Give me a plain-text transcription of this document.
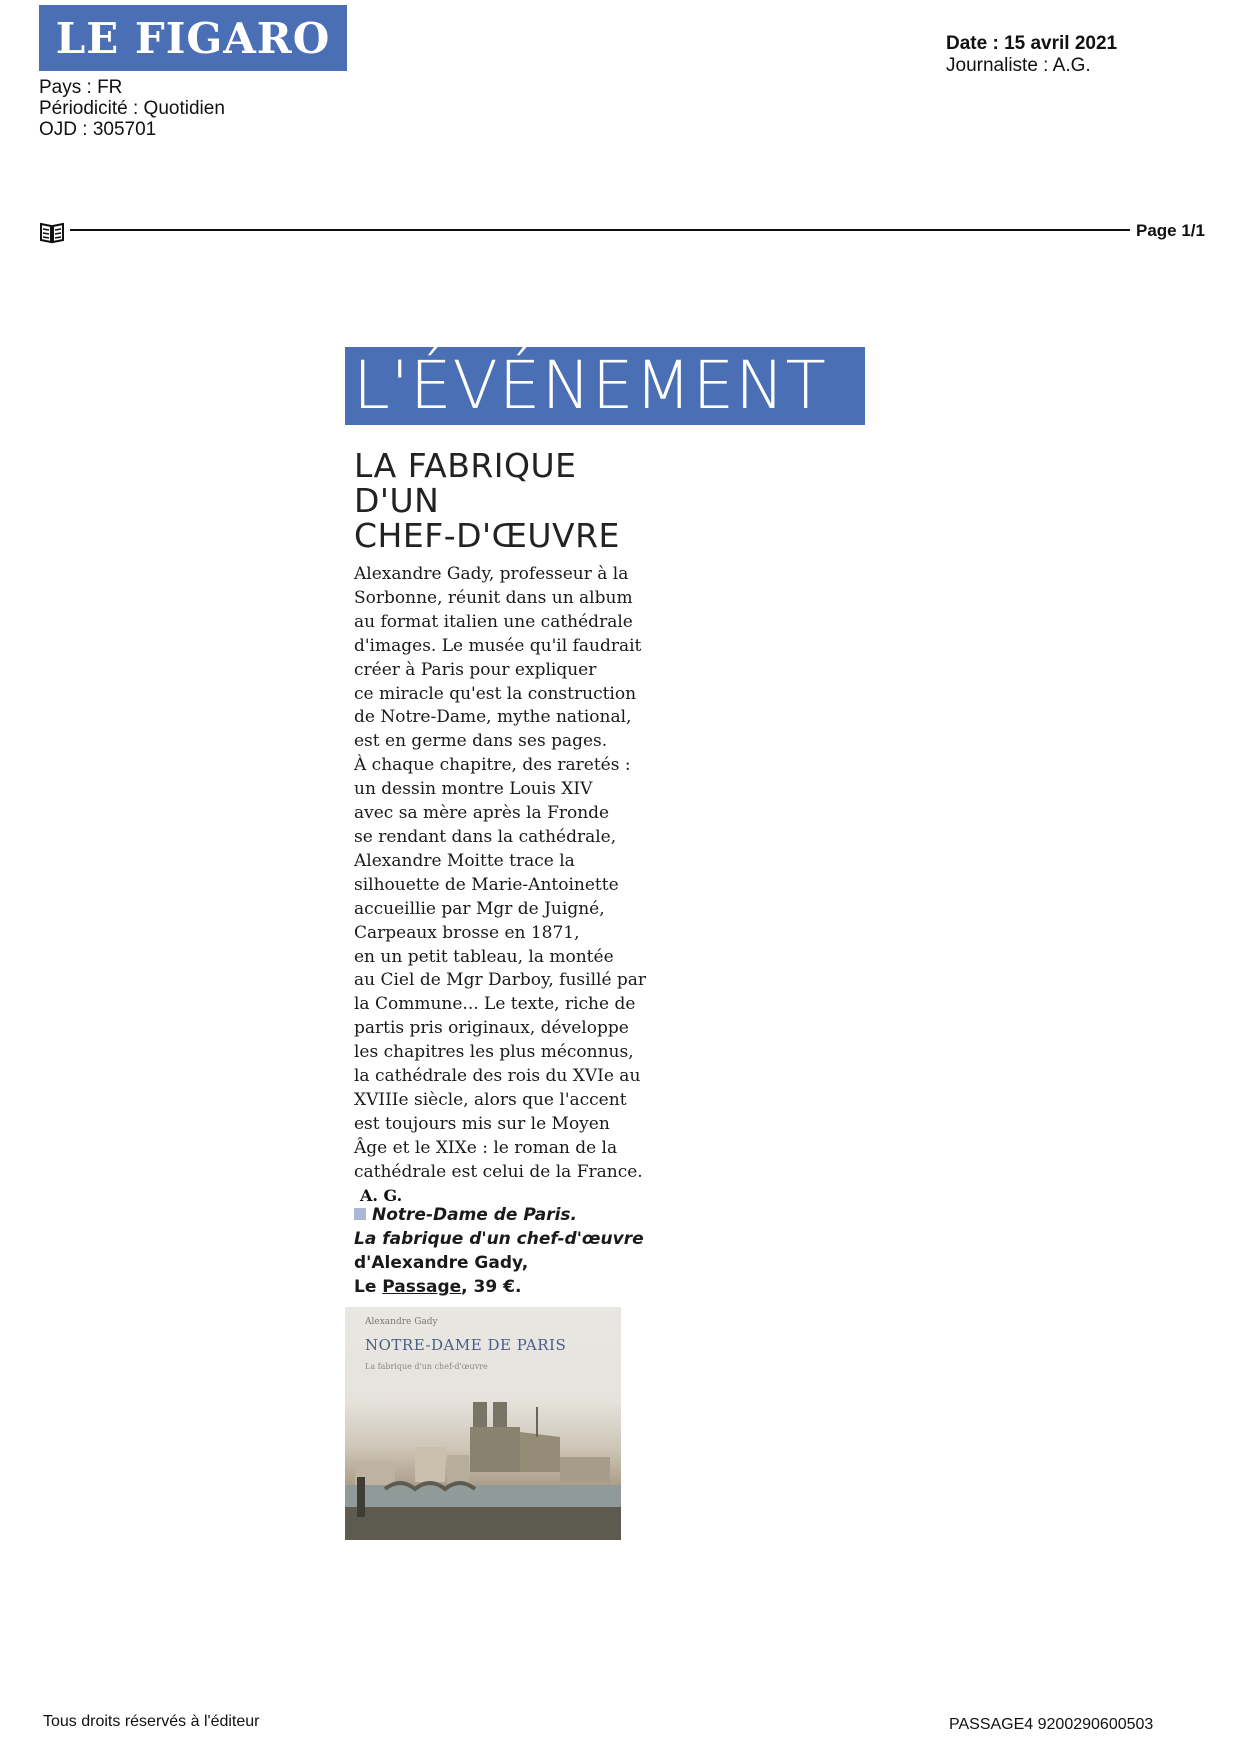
LE FIGARO
Pays : FR
Périodicité : Quotidien
OJD : 305701
Date : 15 avril 2021
Journaliste : A.G.
Page 1/1
L'ÉVÉNEMENT
LA FABRIQUE
D'UN
CHEF-D'ŒUVRE
Alexandre Gady, professeur à la
Sorbonne, réunit dans un album
au format italien une cathédrale
d'images. Le musée qu'il faudrait
créer à Paris pour expliquer
ce miracle qu'est la construction
de Notre-Dame, mythe national,
est en germe dans ses pages.
À chaque chapitre, des raretés :
un dessin montre Louis XIV
avec sa mère après la Fronde
se rendant dans la cathédrale,
Alexandre Moitte trace la
silhouette de Marie-Antoinette
accueillie par Mgr de Juigné,
Carpeaux brosse en 1871,
en un petit tableau, la montée
au Ciel de Mgr Darboy, fusillé par
la Commune... Le texte, riche de
partis pris originaux, développe
les chapitres les plus méconnus,
la cathédrale des rois du XVIe au
XVIIIe siècle, alors que l'accent
est toujours mis sur le Moyen
Âge et le XIXe : le roman de la
cathédrale est celui de la France.
A. G.
Notre-Dame de Paris.
La fabrique d'un chef-d'œuvre
d'Alexandre Gady,
Le Passage, 39 €.
Alexandre Gady
NOTRE-DAME DE PARIS
La fabrique d'un chef-d'œuvre
Tous droits réservés à l'éditeur	PASSAGE4 9200290600503
